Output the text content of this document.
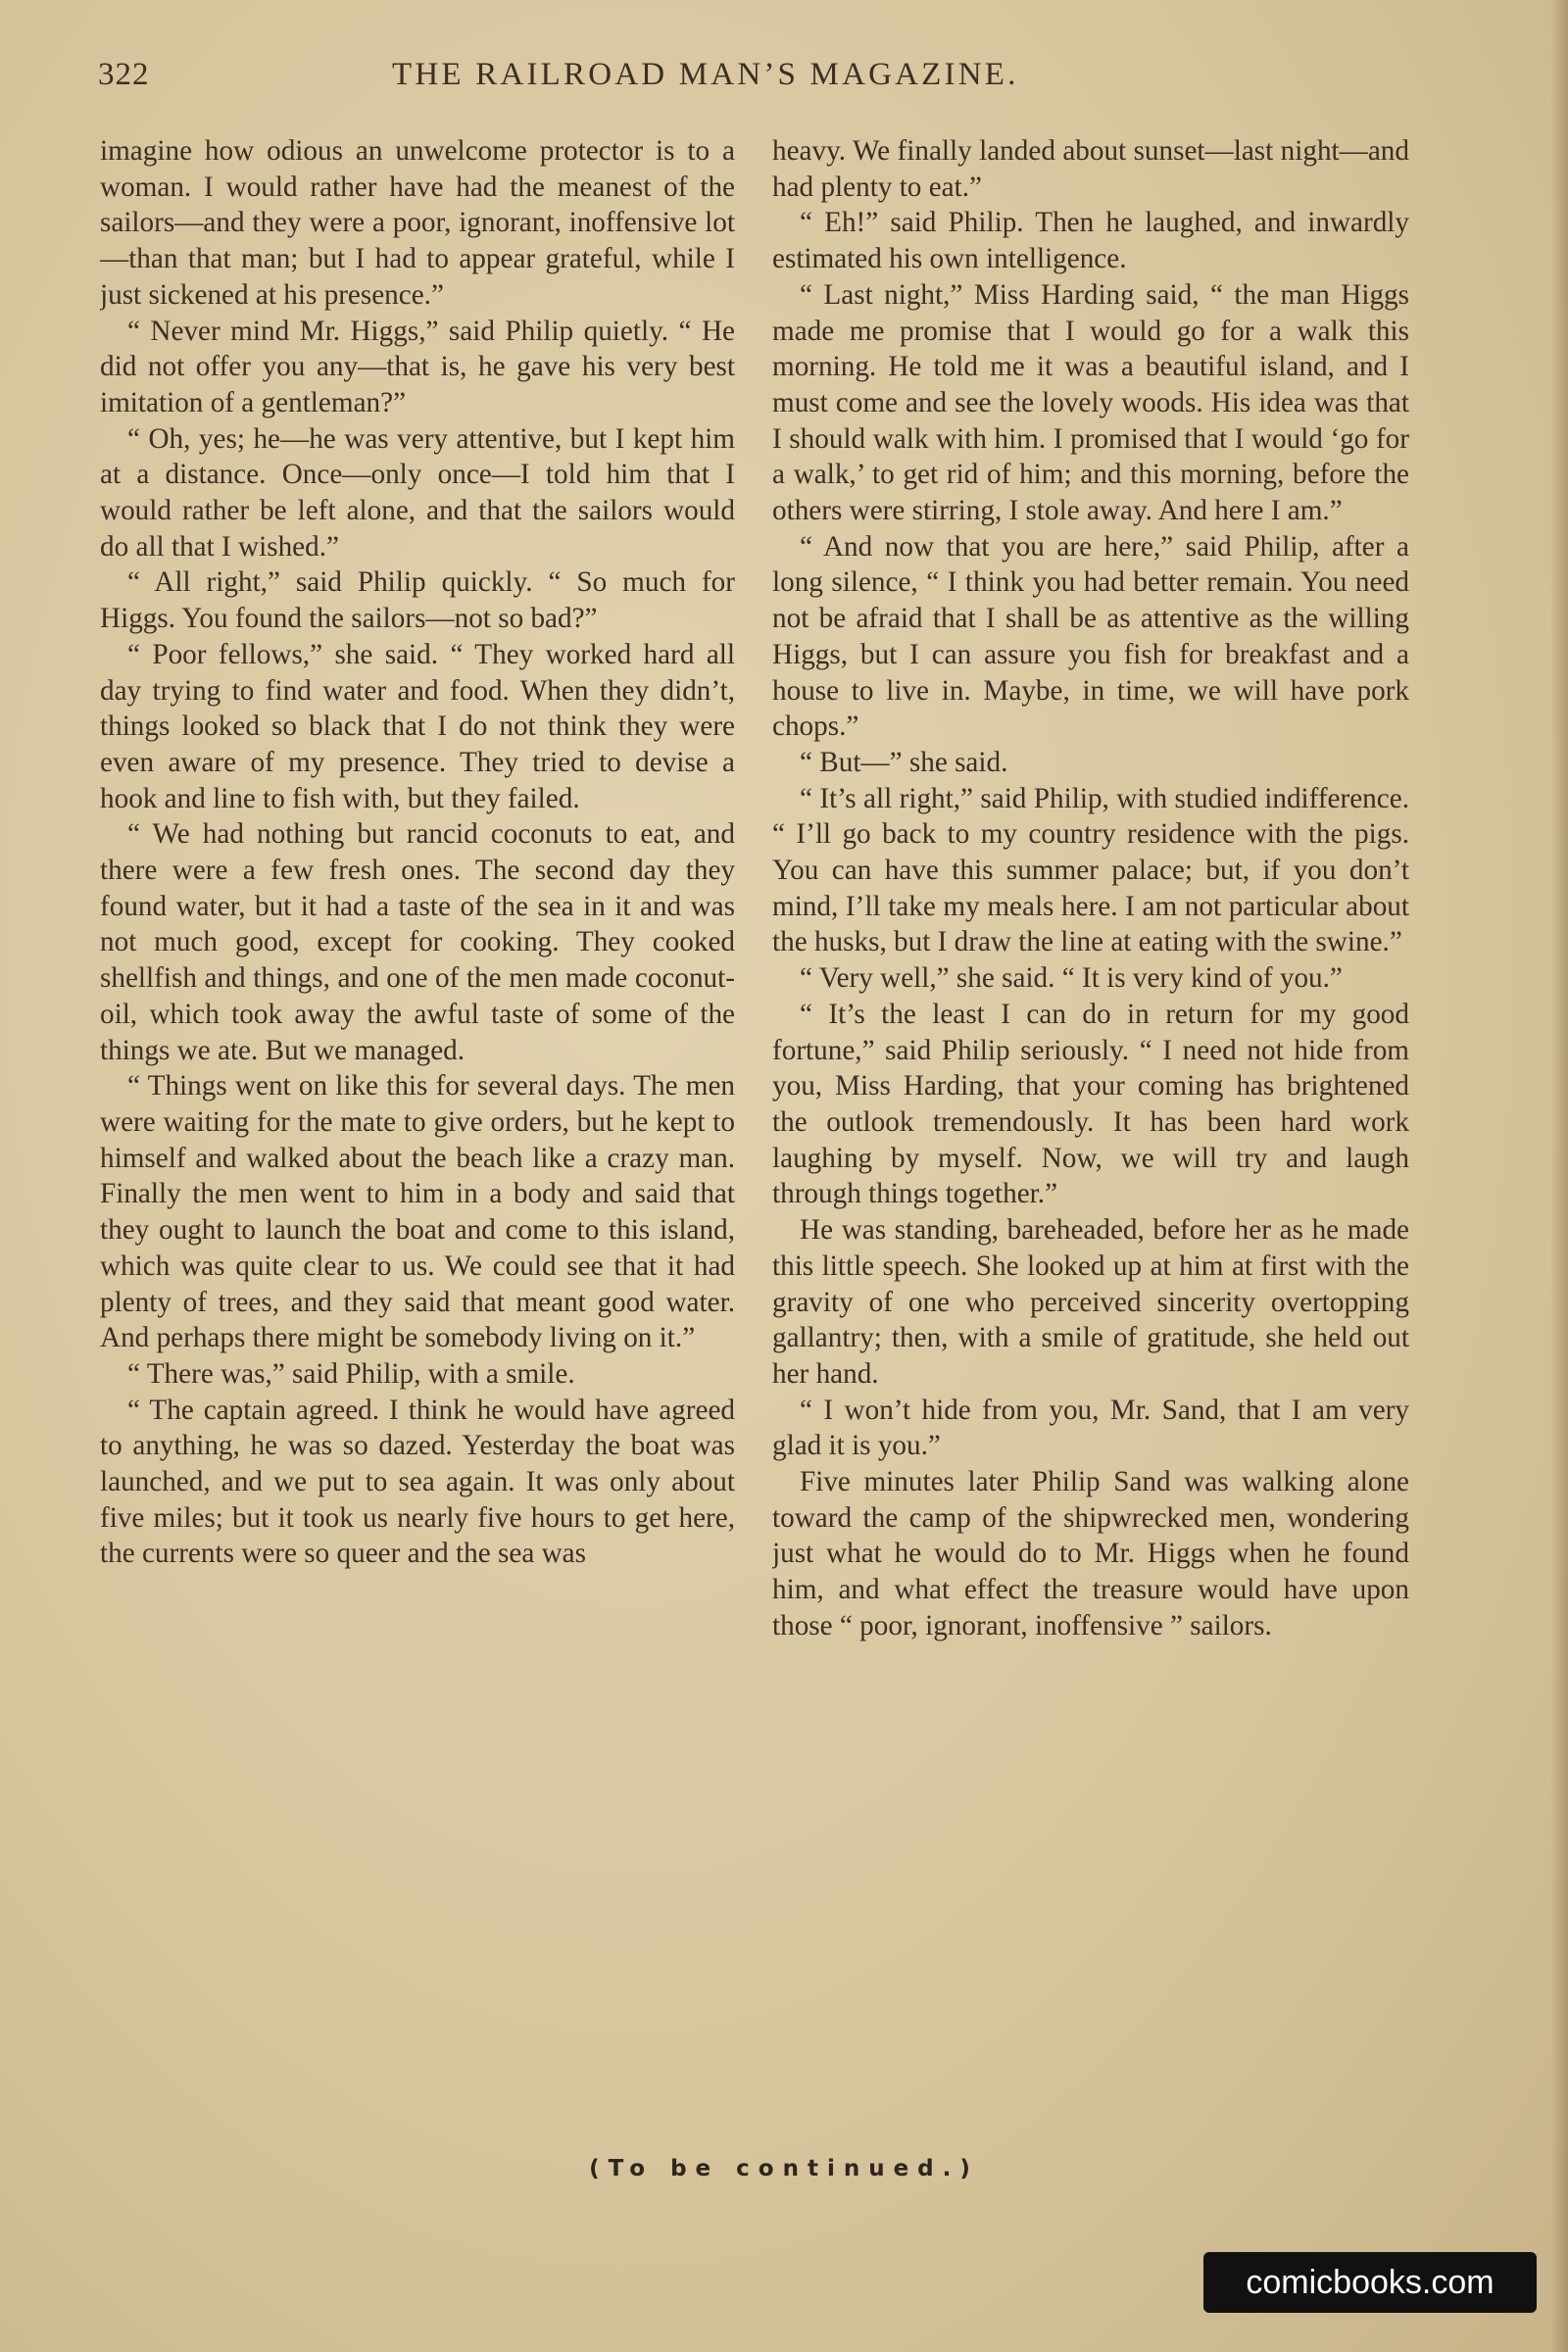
322	THE RAILROAD MAN’S MAGAZINE.

imagine how odious an unwelcome protector is to a woman. I would rather have had the meanest of the sailors—and they were a poor, ignorant, inoffensive lot—than that man; but I had to appear grateful, while I just sickened at his presence.”

“ Never mind Mr. Higgs,” said Philip quietly. “ He did not offer you any—that is, he gave his very best imitation of a gentleman?”

“ Oh, yes; he—he was very attentive, but I kept him at a distance. Once—only once—I told him that I would rather be left alone, and that the sailors would do all that I wished.”

“ All right,” said Philip quickly. “ So much for Higgs. You found the sailors—not so bad?”

“ Poor fellows,” she said. “ They worked hard all day trying to find water and food. When they didn’t, things looked so black that I do not think they were even aware of my presence. They tried to devise a hook and line to fish with, but they failed.

“ We had nothing but rancid coconuts to eat, and there were a few fresh ones. The second day they found water, but it had a taste of the sea in it and was not much good, except for cooking. They cooked shellfish and things, and one of the men made coconut-oil, which took away the awful taste of some of the things we ate. But we managed.

“ Things went on like this for several days. The men were waiting for the mate to give orders, but he kept to himself and walked about the beach like a crazy man. Finally the men went to him in a body and said that they ought to launch the boat and come to this island, which was quite clear to us. We could see that it had plenty of trees, and they said that meant good water. And perhaps there might be somebody living on it.”

“ There was,” said Philip, with a smile.

“ The captain agreed. I think he would have agreed to anything, he was so dazed. Yesterday the boat was launched, and we put to sea again. It was only about five miles; but it took us nearly five hours to get here, the currents were so queer and the sea was

heavy. We finally landed about sunset—last night—and had plenty to eat.”

“ Eh!” said Philip. Then he laughed, and inwardly estimated his own intelligence.

“ Last night,” Miss Harding said, “ the man Higgs made me promise that I would go for a walk this morning. He told me it was a beautiful island, and I must come and see the lovely woods. His idea was that I should walk with him. I promised that I would ‘go for a walk,’ to get rid of him; and this morning, before the others were stirring, I stole away. And here I am.”

“ And now that you are here,” said Philip, after a long silence, “ I think you had better remain. You need not be afraid that I shall be as attentive as the willing Higgs, but I can assure you fish for breakfast and a house to live in. Maybe, in time, we will have pork chops.”

“ But—” she said.

“ It’s all right,” said Philip, with studied indifference. “ I’ll go back to my country residence with the pigs. You can have this summer palace; but, if you don’t mind, I’ll take my meals here. I am not particular about the husks, but I draw the line at eating with the swine.”

“ Very well,” she said. “ It is very kind of you.”

“ It’s the least I can do in return for my good fortune,” said Philip seriously. “ I need not hide from you, Miss Harding, that your coming has brightened the outlook tremendously. It has been hard work laughing by myself. Now, we will try and laugh through things together.”

He was standing, bareheaded, before her as he made this little speech. She looked up at him at first with the gravity of one who perceived sincerity overtopping gallantry; then, with a smile of gratitude, she held out her hand.

“ I won’t hide from you, Mr. Sand, that I am very glad it is you.”

Five minutes later Philip Sand was walking alone toward the camp of the shipwrecked men, wondering just what he would do to Mr. Higgs when he found him, and what effect the treasure would have upon those “ poor, ignorant, inoffensive ” sailors.

(To be continued.)
comicbooks.com
